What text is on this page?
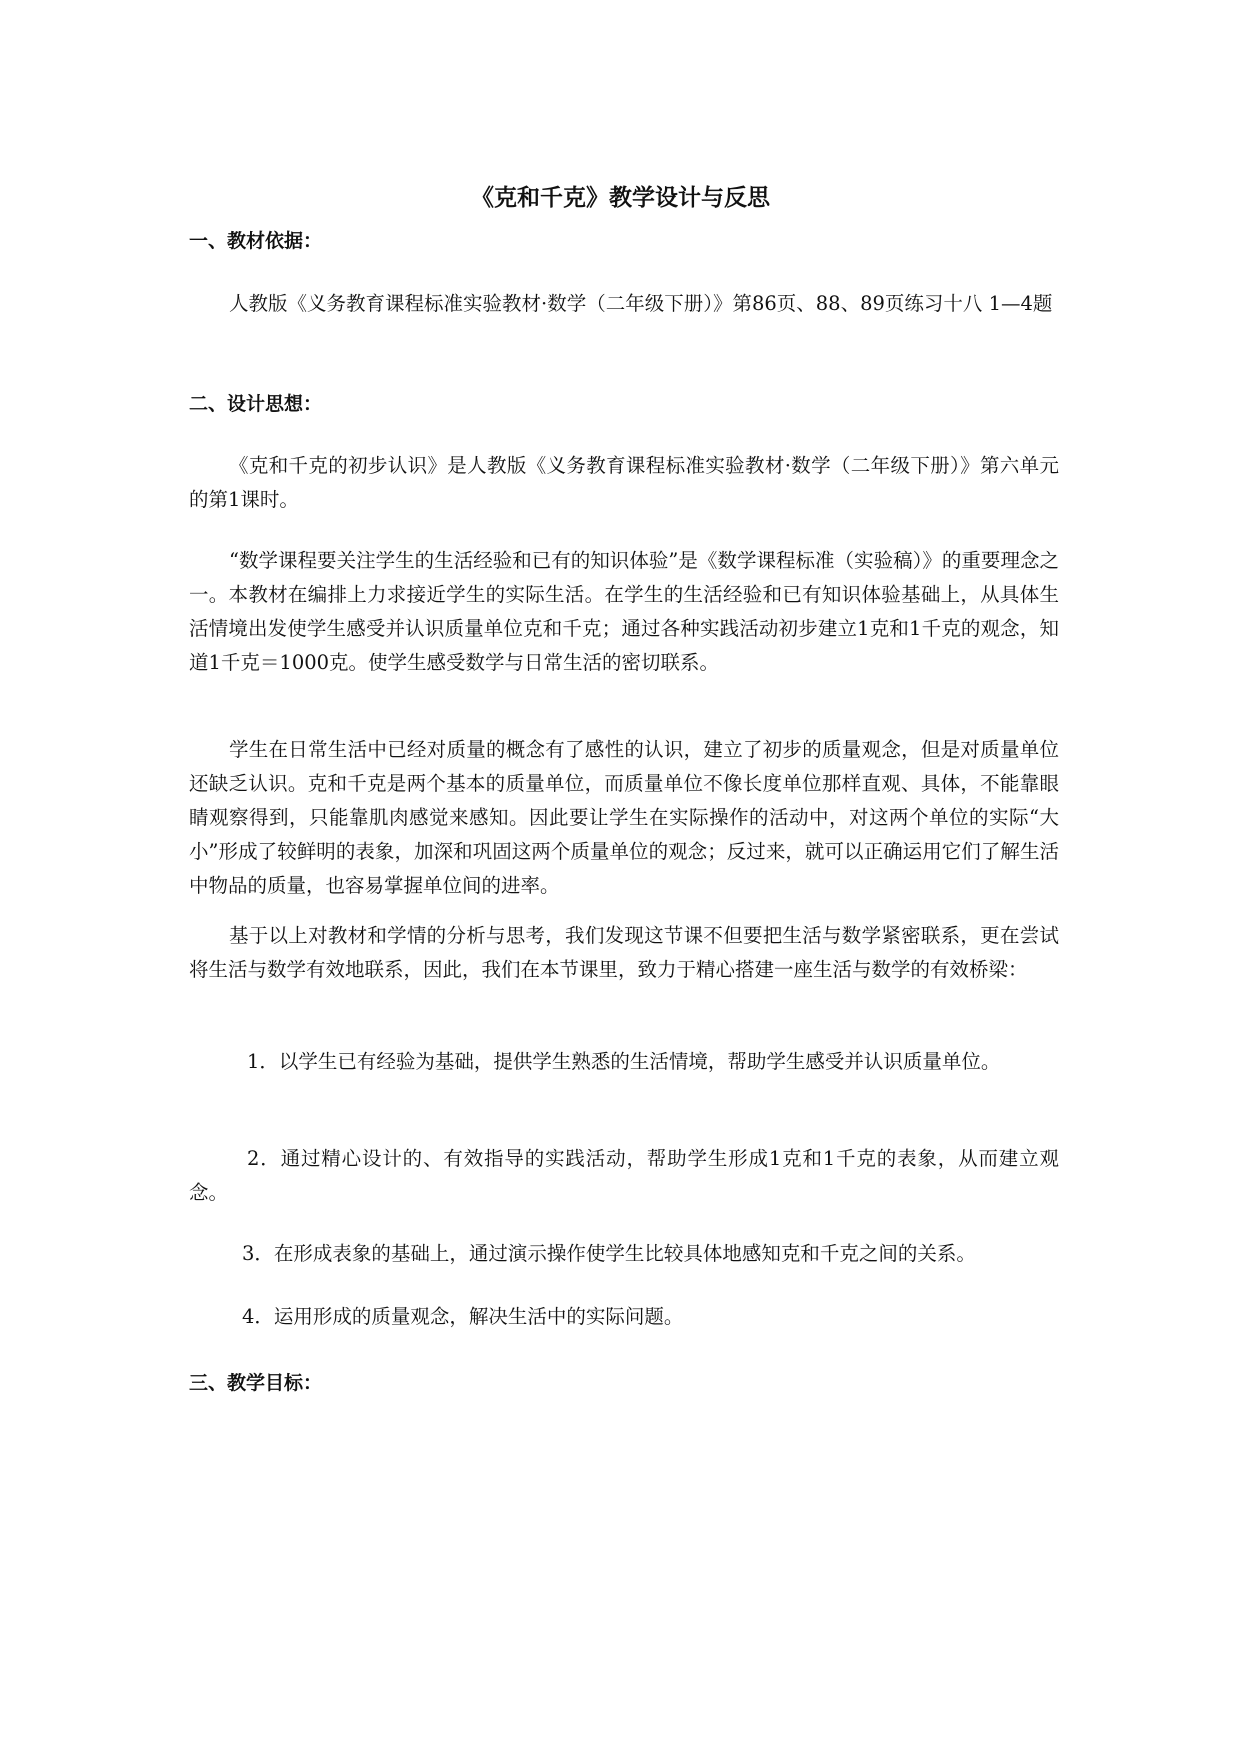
《克和千克》教学设计与反思
一、教材依据：

人教版《义务教育课程标准实验教材·数学（二年级下册）》第86页、88、89页练习十八 1—4题

二、设计思想：

《克和千克的初步认识》是人教版《义务教育课程标准实验教材·数学（二年级下册）》第六单元的第1课时。

“数学课程要关注学生的生活经验和已有的知识体验”是《数学课程标准（实验稿）》的重要理念之一。本教材在编排上力求接近学生的实际生活。在学生的生活经验和已有知识体验基础上，从具体生活情境出发使学生感受并认识质量单位克和千克；通过各种实践活动初步建立1克和1千克的观念，知道1千克＝1000克。使学生感受数学与日常生活的密切联系。

学生在日常生活中已经对质量的概念有了感性的认识，建立了初步的质量观念，但是对质量单位还缺乏认识。克和千克是两个基本的质量单位，而质量单位不像长度单位那样直观、具体，不能靠眼睛观察得到，只能靠肌肉感觉来感知。因此要让学生在实际操作的活动中，对这两个单位的实际“大小”形成了较鲜明的表象，加深和巩固这两个质量单位的观念；反过来，就可以正确运用它们了解生活中物品的质量，也容易掌握单位间的进率。

基于以上对教材和学情的分析与思考，我们发现这节课不但要把生活与数学紧密联系，更在尝试将生活与数学有效地联系，因此，我们在本节课里，致力于精心搭建一座生活与数学的有效桥梁：

1．以学生已有经验为基础，提供学生熟悉的生活情境，帮助学生感受并认识质量单位。

2．通过精心设计的、有效指导的实践活动，帮助学生形成1克和1千克的表象，从而建立观念。

3．在形成表象的基础上，通过演示操作使学生比较具体地感知克和千克之间的关系。

4．运用形成的质量观念，解决生活中的实际问题。

三、教学目标：
